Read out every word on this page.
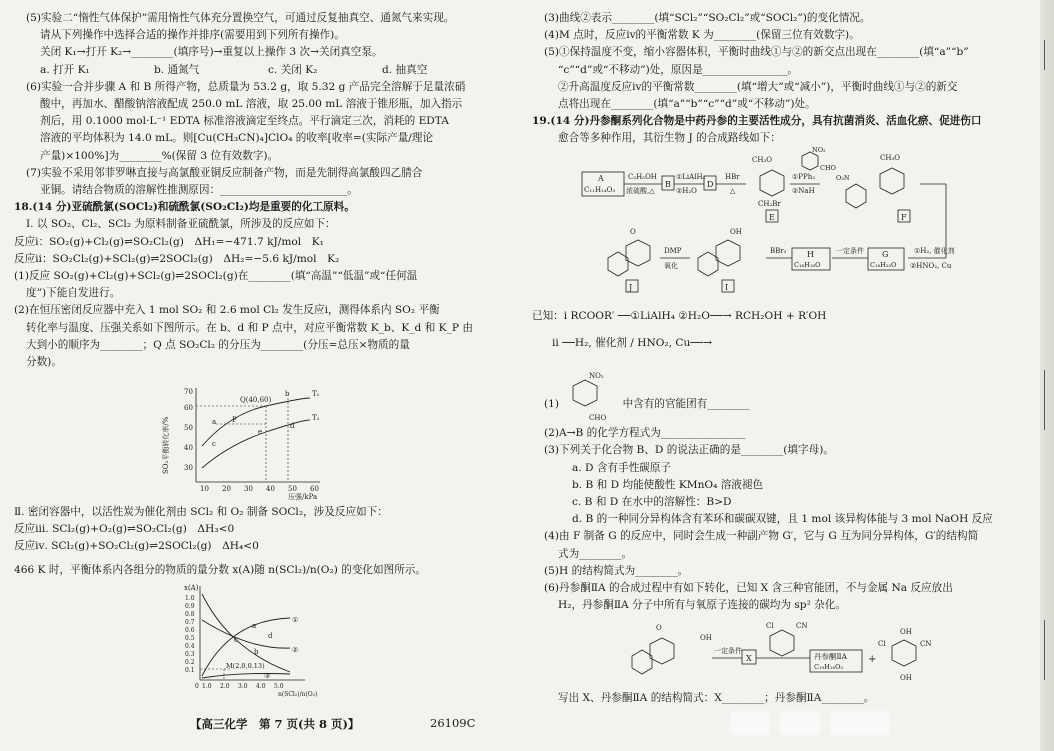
(5)实验二“惰性气体保护”需用惰性气体充分置换空气，可通过反复抽真空、通氮气来实现。
请从下列操作中选择合适的操作并排序(需要用到下列所有操作)。
关闭 K₁→打开 K₂→________(填序号)→重复以上操作 3 次→关闭真空泵。
a. 打开 K₁	b. 通氮气	c. 关闭 K₂	d. 抽真空
(6)实验一合并步骤 A 和 B 所得产物，总质量为 53.2 g，取 5.32 g 产品完全溶解于足量浓硝
酸中，再加水、醋酸钠溶液配成 250.0 mL 溶液，取 25.00 mL 溶液于锥形瓶，加入指示
剂后，用 0.1000 mol·L⁻¹ EDTA 标准溶液滴定至终点。平行滴定三次，消耗的 EDTA
溶液的平均体积为 14.0 mL。则[Cu(CH₃CN)₄]ClO₄ 的收率[收率=(实际产量/理论
产量)×100%]为________%(保留 3 位有效数字)。
(7)实验不采用邻菲罗啉直接与高氯酸亚铜反应制备产物，而是先制得高氯酸四乙腈合
亚铜。请结合物质的溶解性推测原因：________________________。
18.(14 分)亚硫酰氯(SOCl₂)和硫酰氯(SO₂Cl₂)均是重要的化工原料。
Ⅰ. 以 SO₂、Cl₂、SCl₂ 为原料制备亚硫酰氯，所涉及的反应如下：
反应ⅰ：SO₂(g)+Cl₂(g)⇌SO₂Cl₂(g)　ΔH₁=−471.7 kJ/mol　K₁
反应ⅱ：SO₂Cl₂(g)+SCl₂(g)⇌2SOCl₂(g)　ΔH₂=−5.6 kJ/mol　K₂
(1)反应 SO₂(g)+Cl₂(g)+SCl₂(g)⇌2SOCl₂(g)在________(填“高温”“低温”或“任何温
度”)下能自发进行。
(2)在恒压密闭反应器中充入 1 mol SO₂ 和 2.6 mol Cl₂ 发生反应ⅰ，测得体系内 SO₂ 平衡
转化率与温度、压强关系如下图所示。在 b、d 和 P 点中，对应平衡常数 K_b、K_d 和 K_P 由
大到小的顺序为________；Q 点 SO₂Cl₂ 的分压为________(分压=总压×物质的量
分数)。
SO₂平衡转化率/%
10 20 30 40 50 60
30
40
50
60
70
压强/kPa
Q(40,60)
b	T₁
a P
e
d
T₂
c
Ⅱ. 密闭容器中，以活性炭为催化剂由 SCl₂ 和 O₂ 制备 SOCl₂，涉及反应如下：
反应ⅲ. SCl₂(g)+O₂(g)⇌SO₂Cl₂(g)　ΔH₃<0
反应ⅳ. SCl₂(g)+SO₂Cl₂(g)⇌2SOCl₂(g)　ΔH₄<0
466 K 时，平衡体系内各组分的物质的量分数 x(A)随 n(SCl₂)/n(O₂) 的变化如图所示。
x(A)
1.0
0.9
0.8
0.7
0.6
0.5
0.4
0.3
0.2
0.1
0 1.0 2.0 3.0 4.0 5.0
n(SCl₂)/n(O₂)
a
①
c	d
b	②
M(2.0,0.13)
③
(3)曲线②表示________(填“SCl₂”“SO₂Cl₂”或“SOCl₂”)的变化情况。
(4)M 点时，反应ⅳ的平衡常数 K 为________(保留三位有效数字)。
(5)①保持温度不变，缩小容器体积，平衡时曲线①与②的新交点出现在________(填“a”“b”
“c”“d”或“不移动”)处，原因是________________。
②升高温度反应ⅳ的平衡常数________(填“增大”或“减小”)，平衡时曲线①与②的新交
点将出现在________(填“a”“b”“c”“d”或“不移动”)处。
19.(14 分)丹参酮系列化合物是中药丹参的主要活性成分，具有抗菌消炎、活血化瘀、促进伤口
愈合等多种作用，其衍生物 J 的合成路线如下：
A
C₁₁H₁₄O₃
C₂H₅OH
浓硫酸,△
B
①LiAlH₄
②H₂O
D
HBr
△
CH₃O
CH₂Br
E
①PPh₃
②NaH
NO₂
CHO
CH₃O
O₂N
F
①H₂, 催化剂
②HNO₂, Cu
G
C₁₈H₂₀O
一定条件
H
C₁₈H₁₈O
BBr₃
OH
I
DMP
氧化
O
J
已知：ⅰ RCOOR′ ──①LiAlH₄ ②H₂O──→ RCH₂OH + R′OH
ⅱ ──H₂, 催化剂 / HNO₂, Cu──→
NO₂
CHO
(1)　　　　　　中含有的官能团有________
(2)A→B 的化学方程式为________________
(3)下列关于化合物 B、D 的说法正确的是________(填字母)。
a. D 含有手性碳原子
b. B 和 D 均能使酸性 KMnO₄ 溶液褪色
c. B 和 D 在水中的溶解性：B>D
d. B 的一种同分异构体含有苯环和碳碳双键，且 1 mol 该异构体能与 3 mol NaOH 反应
(4)由 F 制备 G 的反应中，同时会生成一种副产物 G′，它与 G 互为同分异构体，G′的结构简
式为________。
(5)H 的结构简式为________。
(6)丹参酮ⅡA 的合成过程中有如下转化，已知 X 含三种官能团，不与金属 Na 反应放出
H₂，丹参酮ⅡA 分子中所有与氧原子连接的碳均为 sp² 杂化。
O
OH
一定条件
X
Cl	CN
丹参酮ⅡA
C₁₉H₁₈O₃
+
OH
CN
Cl
OH
写出 X、丹参酮ⅡA 的结构简式：X________；丹参酮ⅡA________。
【高三化学　第 7 页(共 8 页)】	26109C
